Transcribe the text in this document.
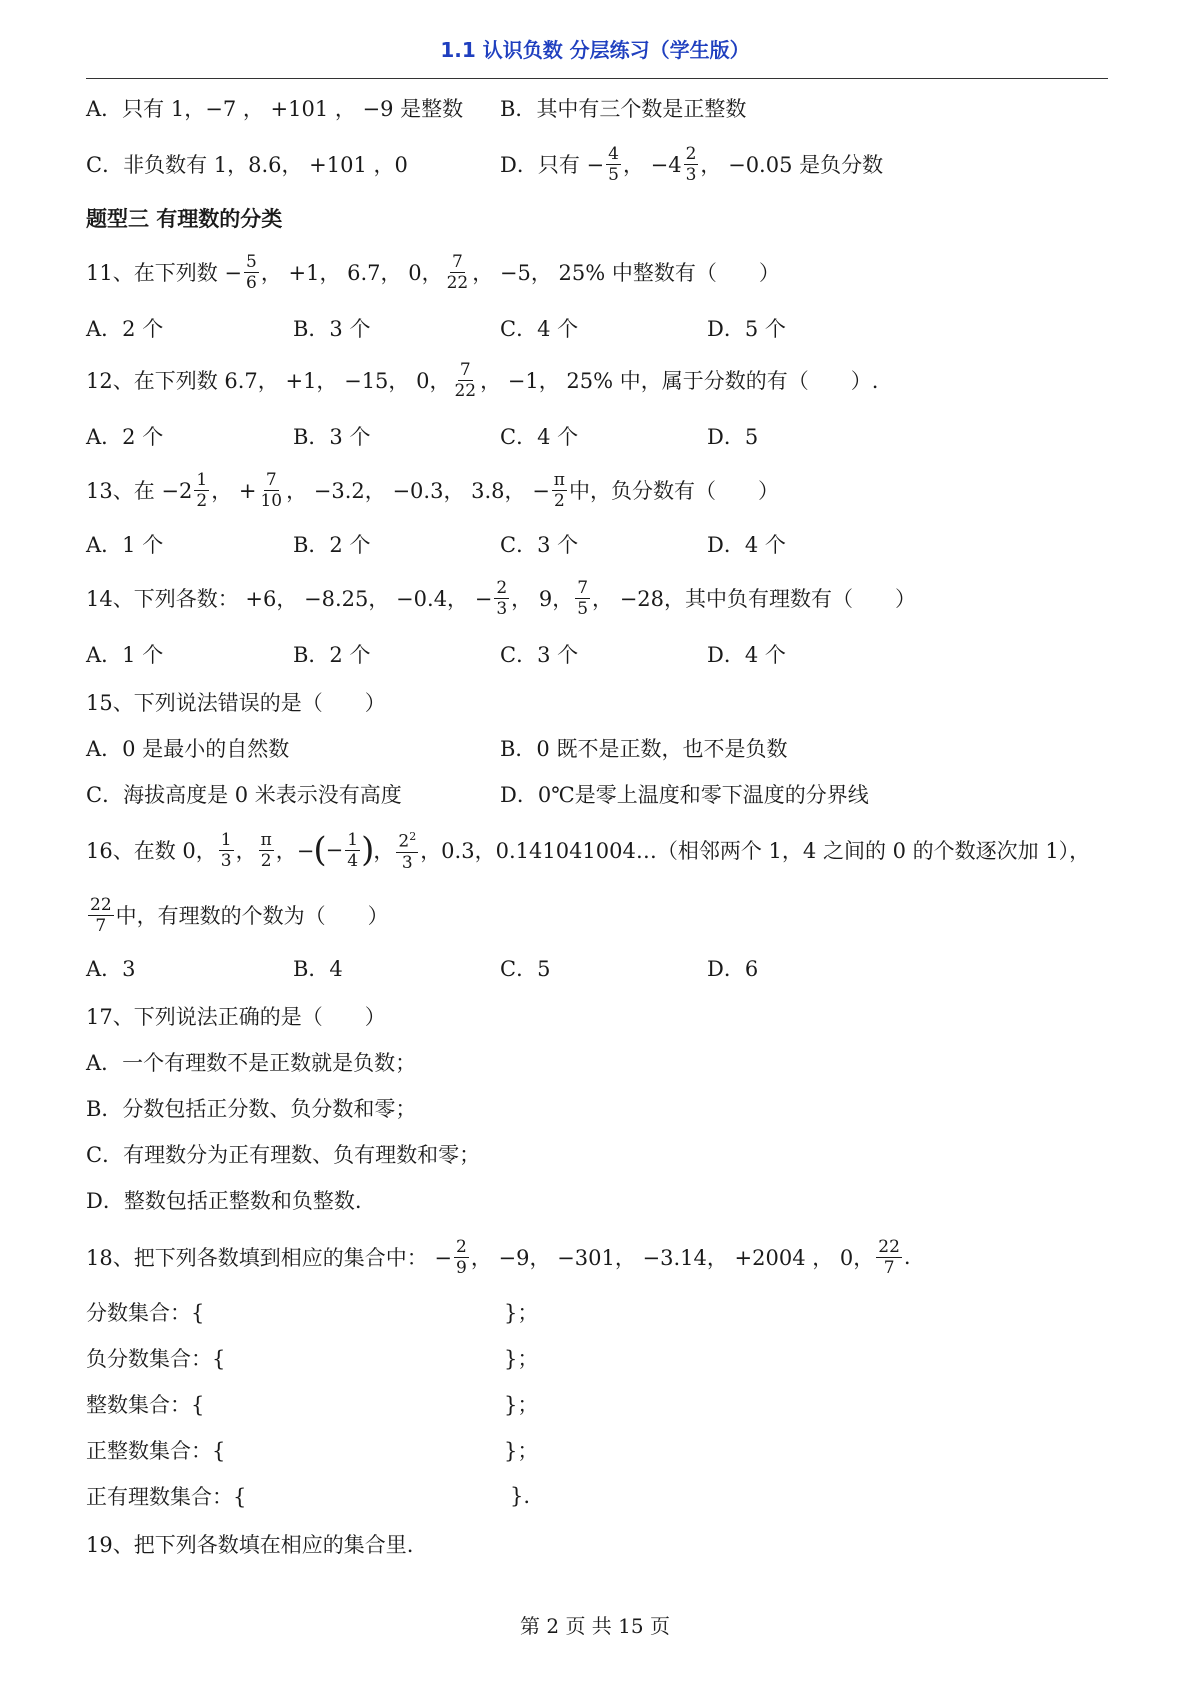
1.1 认识负数 分层练习（学生版）
A． 只有 1， −7 ， +101 ， −9 是整数 B． 其中有三个数是正整数
C． 非负数有 1，8.6， +101 ，0	D． 只有 − $\frac{4}{5}$ ， $-4 \frac{2}{3}$ ， −0.05 是负分数
题型三 有理数的分类
11、在下列数 − $\frac{5}{6}$ ， +1， 6.7， 0， $\frac{7}{22}$ ， −5， 25% 中整数有（　　）
A．2 个	B．3 个	C．4 个	D．5 个
12、在下列数 6.7， +1， −15， 0， $\frac{7}{22}$ ， −1， 25% 中，属于分数的有（　　）.
A．2 个	B．3 个	C．4 个	D．5
13、在 $-2 \frac{1}{2}$ ， + $\frac{7}{10}$ ， −3.2， −0.3， 3.8， − $\frac{\pi}{2}$ 中，负分数有（　　）
A．1 个	B．2 个	C．3 个	D．4 个
14、下列各数： +6， −8.25， −0.4， − $\frac{2}{3}$ ， 9， $\frac{7}{5}$ ， −28，其中负有理数有（　　）
A．1 个	B．2 个	C．3 个	D．4 个
15、下列说法错误的是（　　）
A．0 是最小的自然数	B．0 既不是正数，也不是负数
C．海拔高度是 0 米表示没有高度	D．0℃是零上温度和零下温度的分界线
16、在数 0， $\frac{1}{3}$ ， $\frac{\pi}{2}$ ，− ( − $\frac{1}{4}$ ) ， $\frac{2^2}{3}$ ，0.3，0.141041004…（相邻两个 1，4 之间的 0 的个数逐次加 1），
$\frac{22}{7}$ 中，有理数的个数为（　　）
A．3	B．4	C．5	D．6
17、下列说法正确的是（　　）
A．一个有理数不是正数就是负数；
B．分数包括正分数、负分数和零；
C．有理数分为正有理数、负有理数和零；
D．整数包括正整数和负整数.
18、把下列各数填到相应的集合中： − $\frac{2}{9}$ ， −9， −301， −3.14， +2004 ， 0， $\frac{22}{7}$ .
分数集合：{	}；
负分数集合：{	}；
整数集合：{	}；
正整数集合：{	}；
正有理数集合：{	}.
19、把下列各数填在相应的集合里.
第 2 页 共 15 页
